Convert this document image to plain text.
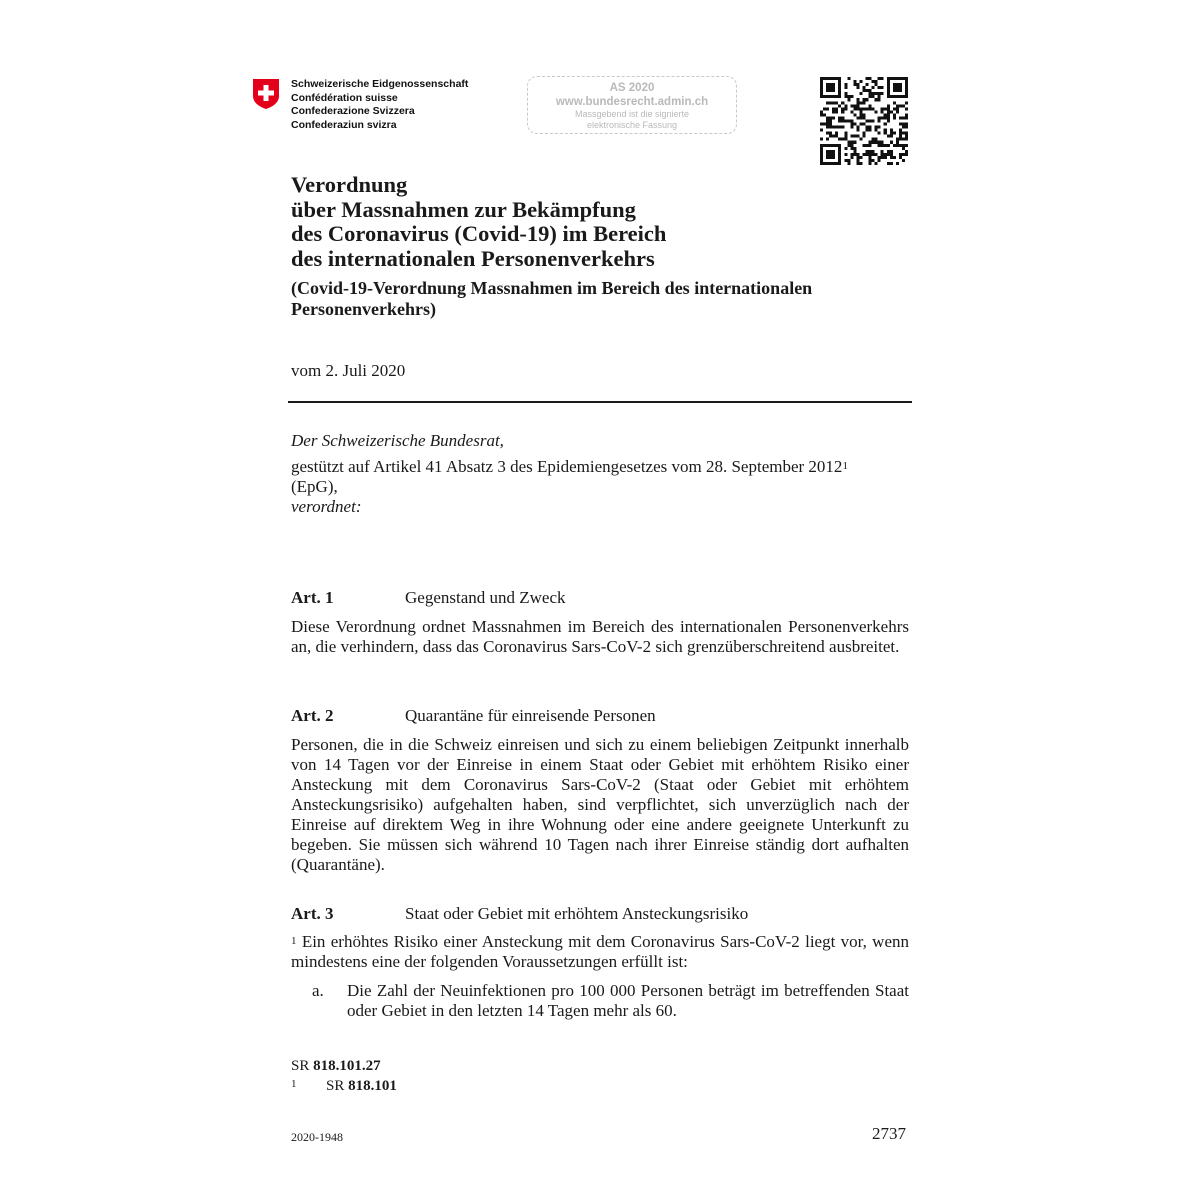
Schweizerische Eidgenossenschaft
Confédération suisse
Confederazione Svizzera
Confederaziun svizra
AS 2020
www.bundesrecht.admin.ch
Massgebend ist die signierte
elektronische Fassung
Verordnung
über Massnahmen zur Bekämpfung
des Coronavirus (Covid-19) im Bereich
des internationalen Personenverkehrs
(Covid-19-Verordnung Massnahmen im Bereich des internationalen Personenverkehrs)
vom 2. Juli 2020
Der Schweizerische Bundesrat,
gestützt auf Artikel 41 Absatz 3 des Epidemiengesetzes vom 28. September 2012$^1$
(EpG),
verordnet:
Art. 1	Gegenstand und Zweck
Diese Verordnung ordnet Massnahmen im Bereich des internationalen Personenverkehrs an, die verhindern, dass das Coronavirus Sars-CoV-2 sich grenzüberschreitend ausbreitet.
Art. 2	Quarantäne für einreisende Personen
Personen, die in die Schweiz einreisen und sich zu einem beliebigen Zeitpunkt innerhalb von 14 Tagen vor der Einreise in einem Staat oder Gebiet mit erhöhtem Risiko einer Ansteckung mit dem Coronavirus Sars-CoV-2 (Staat oder Gebiet mit erhöhtem Ansteckungsrisiko) aufgehalten haben, sind verpflichtet, sich unverzüglich nach der Einreise auf direktem Weg in ihre Wohnung oder eine andere geeignete Unterkunft zu begeben. Sie müssen sich während 10 Tagen nach ihrer Einreise ständig dort aufhalten (Quarantäne).
Art. 3	Staat oder Gebiet mit erhöhtem Ansteckungsrisiko
$^1$ Ein erhöhtes Risiko einer Ansteckung mit dem Coronavirus Sars-CoV-2 liegt vor, wenn mindestens eine der folgenden Voraussetzungen erfüllt ist:
a. Die Zahl der Neuinfektionen pro 100 000 Personen beträgt im betreffenden Staat oder Gebiet in den letzten 14 Tagen mehr als 60.
SR 818.101.27
1 SR 818.101
2020-1948	2737
